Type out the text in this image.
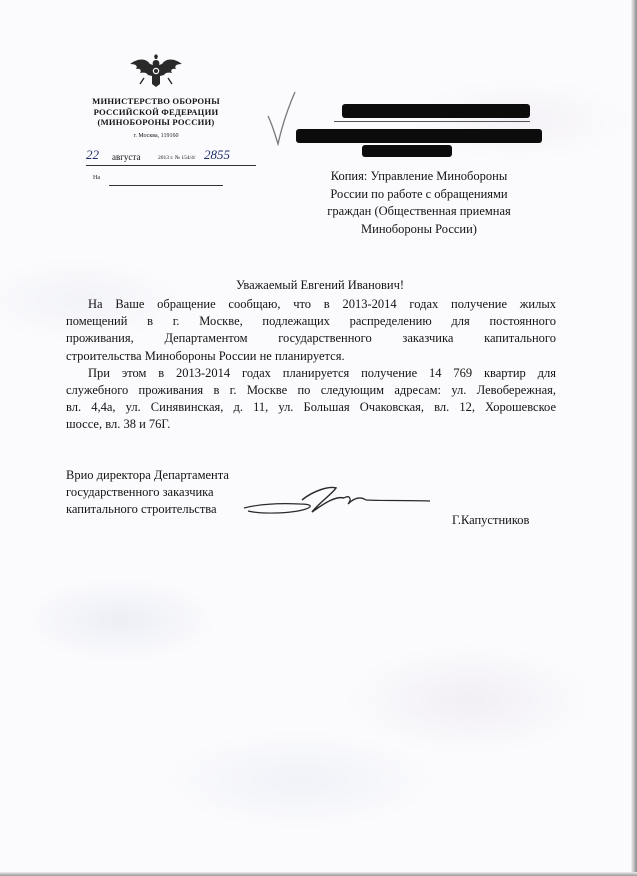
МИНИСТЕРСТВО ОБОРОНЫ
РОССИЙСКОЙ ФЕДЕРАЦИИ
(МИНОБОРОНЫ РОССИИ)
г. Москва, 119160
22 августа	2013 г. № 154/4/ 2855
На	Копия: Управление Минобороны
России по работе с обращениями
граждан (Общественная приемная
Минобороны России)
Уважаемый Евгений Иванович!
На Ваше обращение сообщаю, что в 2013-2014 годах получение жилых
помещений в г. Москве, подлежащих распределению для постоянного
проживания, Департаментом государственного заказчика капитального
строительства Минобороны России не планируется.
При этом в 2013-2014 годах планируется получение 14 769 квартир для
служебного проживания в г. Москве по следующим адресам: ул. Левобережная,
вл. 4,4а, ул. Синявинская, д. 11, ул. Большая Очаковская, вл. 12, Хорошевское
шоссе, вл. 38 и 76Г.
Врио директора Департамента
государственного заказчика
капитального строительства
Г.Капустников
